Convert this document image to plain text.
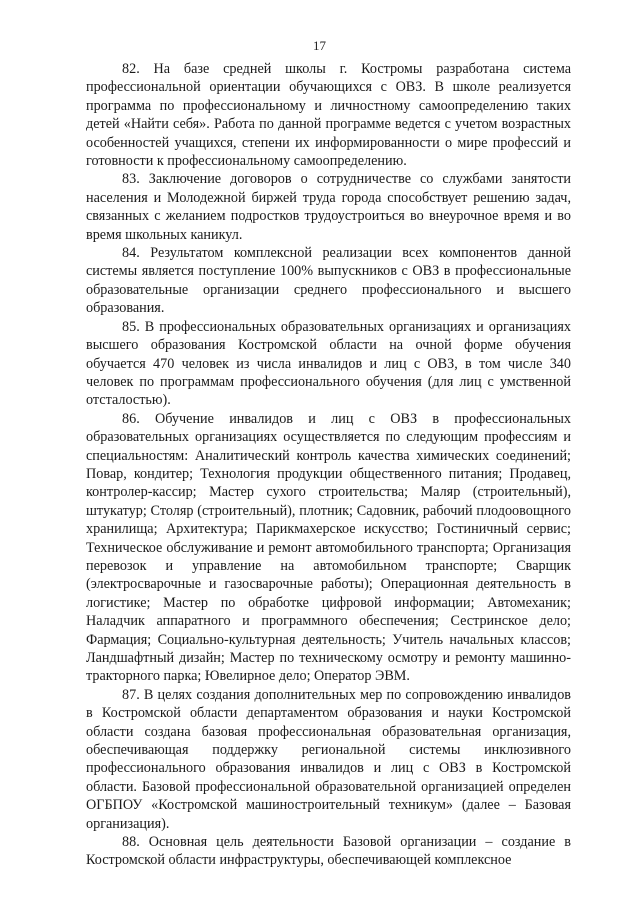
17

82. На базе средней школы г. Костромы разработана система профессиональной ориентации обучающихся с ОВЗ. В школе реализуется программа по профессиональному и личностному самоопределению таких детей «Найти себя». Работа по данной программе ведется с учетом возрастных особенностей учащихся, степени их информированности о мире профессий и готовности к профессиональному самоопределению.

83. Заключение договоров о сотрудничестве со службами занятости населения и Молодежной биржей труда города способствует решению задач, связанных с желанием подростков трудоустроиться во внеурочное время и во время школьных каникул.

84. Результатом комплексной реализации всех компонентов данной системы является поступление 100% выпускников с ОВЗ в профессиональные образовательные организации среднего профессионального и высшего образования.

85. В профессиональных образовательных организациях и организациях высшего образования Костромской области на очной форме обучения обучается 470 человек из числа инвалидов и лиц с ОВЗ, в том числе 340 человек по программам профессионального обучения (для лиц с умственной отсталостью).

86. Обучение инвалидов и лиц с ОВЗ в профессиональных образовательных организациях осуществляется по следующим профессиям и специальностям: Аналитический контроль качества химических соединений; Повар, кондитер; Технология продукции общественного питания; Продавец, контролер-кассир; Мастер сухого строительства; Маляр (строительный), штукатур; Столяр (строительный), плотник; Садовник, рабочий плодоовощного хранилища; Архитектура; Парикмахерское искусство; Гостиничный сервис; Техническое обслуживание и ремонт автомобильного транспорта; Организация перевозок и управление на автомобильном транспорте; Сварщик (электросварочные и газосварочные работы); Операционная деятельность в логистике; Мастер по обработке цифровой информации; Автомеханик; Наладчик аппаратного и программного обеспечения; Сестринское дело; Фармация; Социально-культурная деятельность; Учитель начальных классов; Ландшафтный дизайн; Мастер по техническому осмотру и ремонту машинно-тракторного парка; Ювелирное дело; Оператор ЭВМ.

87. В целях создания дополнительных мер по сопровождению инвалидов в Костромской области департаментом образования и науки Костромской области создана базовая профессиональная образовательная организация, обеспечивающая поддержку региональной системы инклюзивного профессионального образования инвалидов и лиц с ОВЗ в Костромской области. Базовой профессиональной образовательной организацией определен ОГБПОУ «Костромской машиностроительный техникум» (далее – Базовая организация).

88. Основная цель деятельности Базовой организации – создание в Костромской области инфраструктуры, обеспечивающей комплексное
